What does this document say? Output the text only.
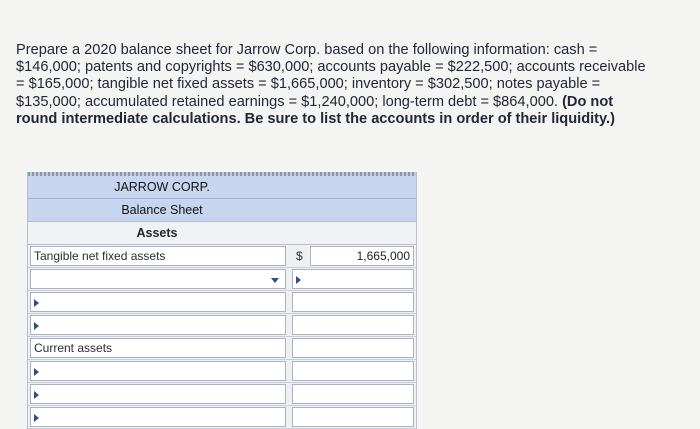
Prepare a 2020 balance sheet for Jarrow Corp. based on the following information: cash = $146,000; patents and copyrights = $630,000; accounts payable = $222,500; accounts receivable = $165,000; tangible net fixed assets = $1,665,000; inventory = $302,500; notes payable = $135,000; accumulated retained earnings = $1,240,000; long-term debt = $864,000. (Do not round intermediate calculations. Be sure to list the accounts in order of their liquidity.)
JARROW CORP.
Balance Sheet
Assets
Tangible net fixed assets	$	1,665,000
Current assets
